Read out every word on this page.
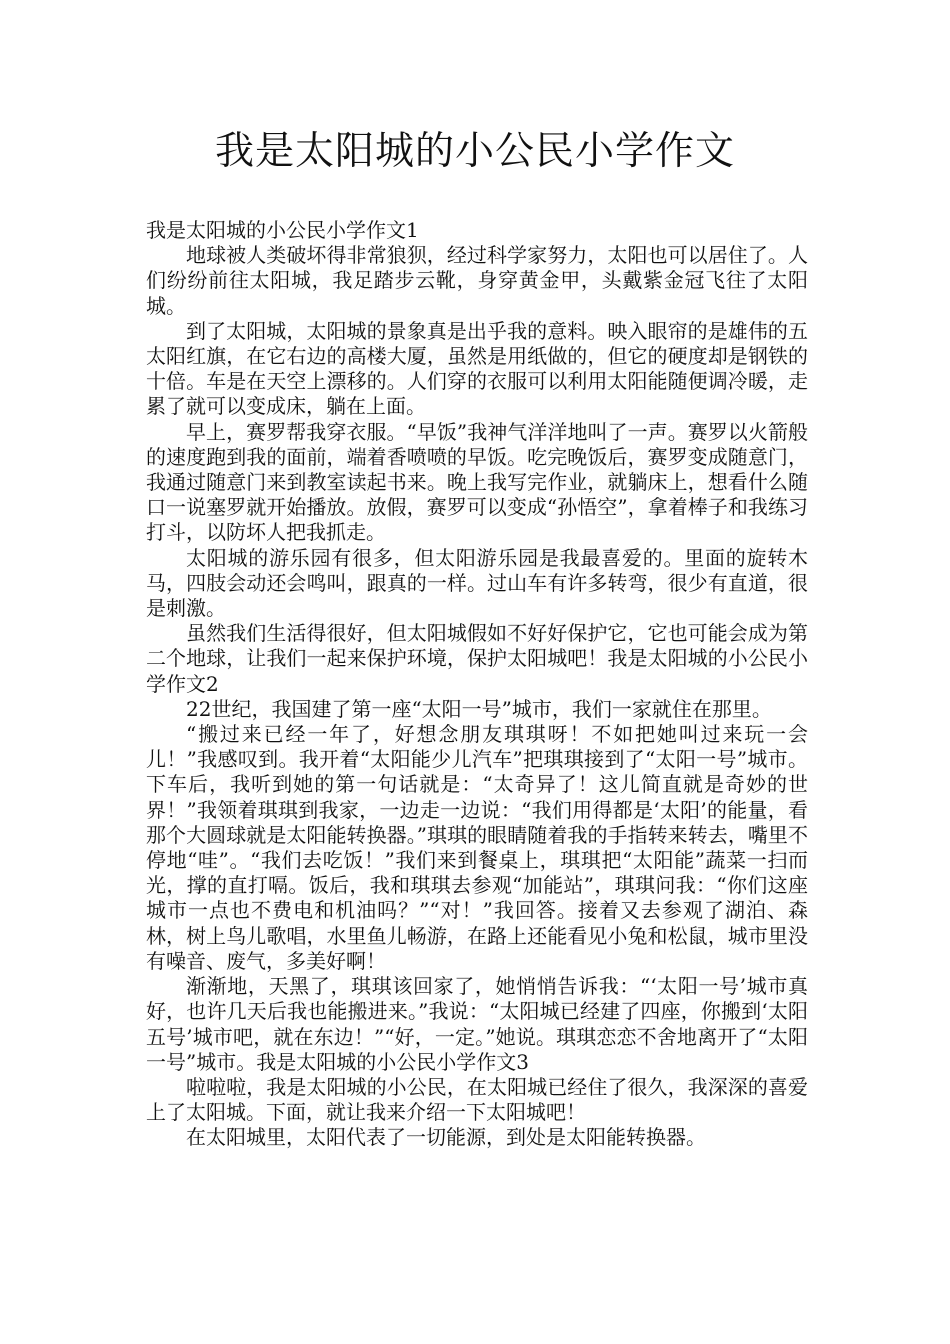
我是太阳城的小公民小学作文

我是太阳城的小公民小学作文1

地球被人类破坏得非常狼狈，经过科学家努力，太阳也可以居住了。人们纷纷前往太阳城，我足踏步云靴，身穿黄金甲，头戴紫金冠飞往了太阳城。

到了太阳城，太阳城的景象真是出乎我的意料。映入眼帘的是雄伟的五太阳红旗，在它右边的高楼大厦，虽然是用纸做的，但它的硬度却是钢铁的十倍。车是在天空上漂移的。人们穿的衣服可以利用太阳能随便调冷暖，走累了就可以变成床，躺在上面。

早上，赛罗帮我穿衣服。“早饭”我神气洋洋地叫了一声。赛罗以火箭般的速度跑到我的面前，端着香喷喷的早饭。吃完晚饭后，赛罗变成随意门，我通过随意门来到教室读起书来。晚上我写完作业，就躺床上，想看什么随口一说塞罗就开始播放。放假，赛罗可以变成“孙悟空”，拿着棒子和我练习打斗，以防坏人把我抓走。

太阳城的游乐园有很多，但太阳游乐园是我最喜爱的。里面的旋转木马，四肢会动还会鸣叫，跟真的一样。过山车有许多转弯，很少有直道，很是刺激。

虽然我们生活得很好，但太阳城假如不好好保护它，它也可能会成为第二个地球，让我们一起来保护环境，保护太阳城吧！我是太阳城的小公民小学作文2

22世纪，我国建了第一座“太阳一号”城市，我们一家就住在那里。

“搬过来已经一年了，好想念朋友琪琪呀！不如把她叫过来玩一会儿！”我感叹到。我开着“太阳能少儿汽车”把琪琪接到了“太阳一号”城市。下车后，我听到她的第一句话就是：“太奇异了！这儿简直就是奇妙的世界！”我领着琪琪到我家，一边走一边说：“我们用得都是‘太阳’的能量，看那个大圆球就是太阳能转换器。”琪琪的眼睛随着我的手指转来转去，嘴里不停地“哇”。“我们去吃饭！”我们来到餐桌上，琪琪把“太阳能”蔬菜一扫而光，撑的直打嗝。饭后，我和琪琪去参观“加能站”，琪琪问我：“你们这座城市一点也不费电和机油吗？”“对！”我回答。接着又去参观了湖泊、森林，树上鸟儿歌唱，水里鱼儿畅游，在路上还能看见小兔和松鼠，城市里没有噪音、废气，多美好啊！

渐渐地，天黑了，琪琪该回家了，她悄悄告诉我：“‘太阳一号’城市真好，也许几天后我也能搬进来。”我说：“太阳城已经建了四座，你搬到‘太阳五号’城市吧，就在东边！”“好，一定。”她说。琪琪恋恋不舍地离开了“太阳一号”城市。我是太阳城的小公民小学作文3

啦啦啦，我是太阳城的小公民，在太阳城已经住了很久，我深深的喜爱上了太阳城。下面，就让我来介绍一下太阳城吧！

在太阳城里，太阳代表了一切能源，到处是太阳能转换器。
